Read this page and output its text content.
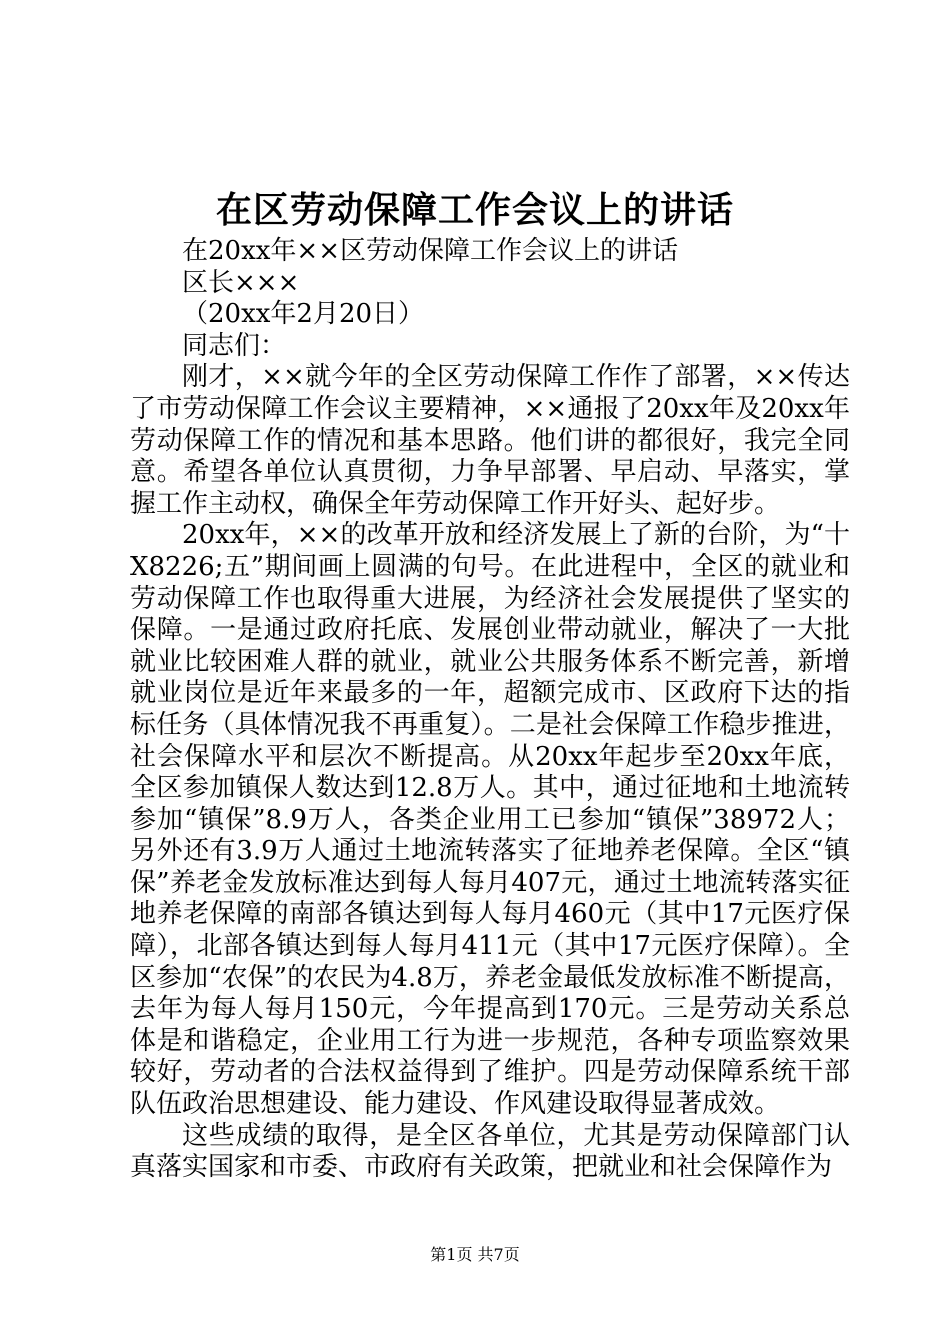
在区劳动保障工作会议上的讲话

在20xx年××区劳动保障工作会议上的讲话

区长×××

（20xx年2月20日）

同志们：

刚才，××就今年的全区劳动保障工作作了部署，××传达了市劳动保障工作会议主要精神，××通报了20xx年及20xx年劳动保障工作的情况和基本思路。他们讲的都很好，我完全同意。希望各单位认真贯彻，力争早部署、早启动、早落实，掌握工作主动权，确保全年劳动保障工作开好头、起好步。

20xx年，××的改革开放和经济发展上了新的台阶，为“十X8226;五”期间画上圆满的句号。在此进程中，全区的就业和劳动保障工作也取得重大进展，为经济社会发展提供了坚实的保障。一是通过政府托底、发展创业带动就业，解决了一大批就业比较困难人群的就业，就业公共服务体系不断完善，新增就业岗位是近年来最多的一年，超额完成市、区政府下达的指标任务（具体情况我不再重复）。二是社会保障工作稳步推进，社会保障水平和层次不断提高。从20xx年起步至20xx年底，全区参加镇保人数达到12.8万人。其中，通过征地和土地流转参加“镇保”8.9万人，各类企业用工已参加“镇保”38972人；另外还有3.9万人通过土地流转落实了征地养老保障。全区“镇保”养老金发放标准达到每人每月407元，通过土地流转落实征地养老保障的南部各镇达到每人每月460元（其中17元医疗保障），北部各镇达到每人每月411元（其中17元医疗保障）。全区参加“农保”的农民为4.8万，养老金最低发放标准不断提高，去年为每人每月150元，今年提高到170元。三是劳动关系总体是和谐稳定，企业用工行为进一步规范，各种专项监察效果较好，劳动者的合法权益得到了维护。四是劳动保障系统干部队伍政治思想建设、能力建设、作风建设取得显著成效。

这些成绩的取得，是全区各单位，尤其是劳动保障部门认真落实国家和市委、市政府有关政策，把就业和社会保障作为

第1页 共7页
